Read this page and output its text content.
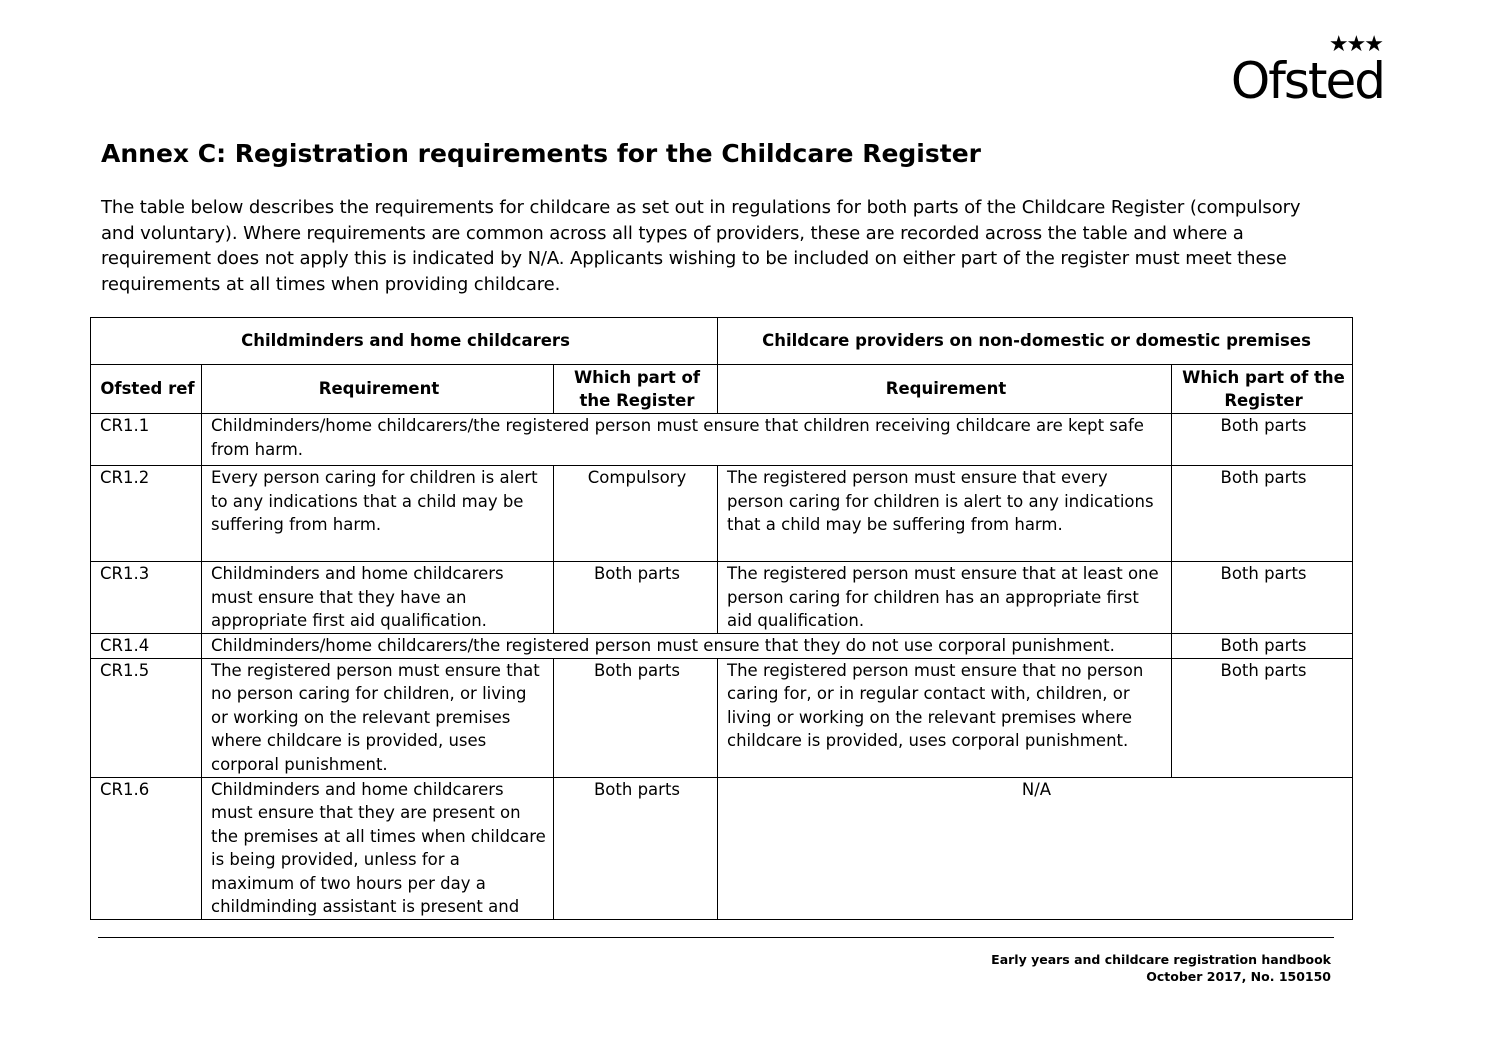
★★★
Ofsted
Annex C: Registration requirements for the Childcare Register

The table below describes the requirements for childcare as set out in regulations for both parts of the Childcare Register (compulsory and voluntary). Where requirements are common across all types of providers, these are recorded across the table and where a requirement does not apply this is indicated by N/A. Applicants wishing to be included on either part of the register must meet these requirements at all times when providing childcare.

Childminders and home childcarers			Childcare providers on non-domestic or domestic premises	
Ofsted ref	Requirement	Which part of the Register	Requirement	Which part of the Register
CR1.1	Childminders/home childcarers/the registered person must ensure that children receiving childcare are kept safe from harm.			Both parts
CR1.2	Every person caring for children is alert to any indications that a child may be suffering from harm.	Compulsory	The registered person must ensure that every person caring for children is alert to any indications that a child may be suffering from harm.	Both parts
CR1.3	Childminders and home childcarers must ensure that they have an appropriate first aid qualification.	Both parts	The registered person must ensure that at least one person caring for children has an appropriate first aid qualification.	Both parts
CR1.4	Childminders/home childcarers/the registered person must ensure that they do not use corporal punishment.			Both parts
CR1.5	The registered person must ensure that no person caring for children, or living or working on the relevant premises where childcare is provided, uses corporal punishment.	Both parts	The registered person must ensure that no person caring for, or in regular contact with, children, or living or working on the relevant premises where childcare is provided, uses corporal punishment.	Both parts
CR1.6	Childminders and home childcarers must ensure that they are present on the premises at all times when childcare is being provided, unless for a maximum of two hours per day a childminding assistant is present and	Both parts	N/A	
Early years and childcare registration handbook
October 2017, No. 150150
